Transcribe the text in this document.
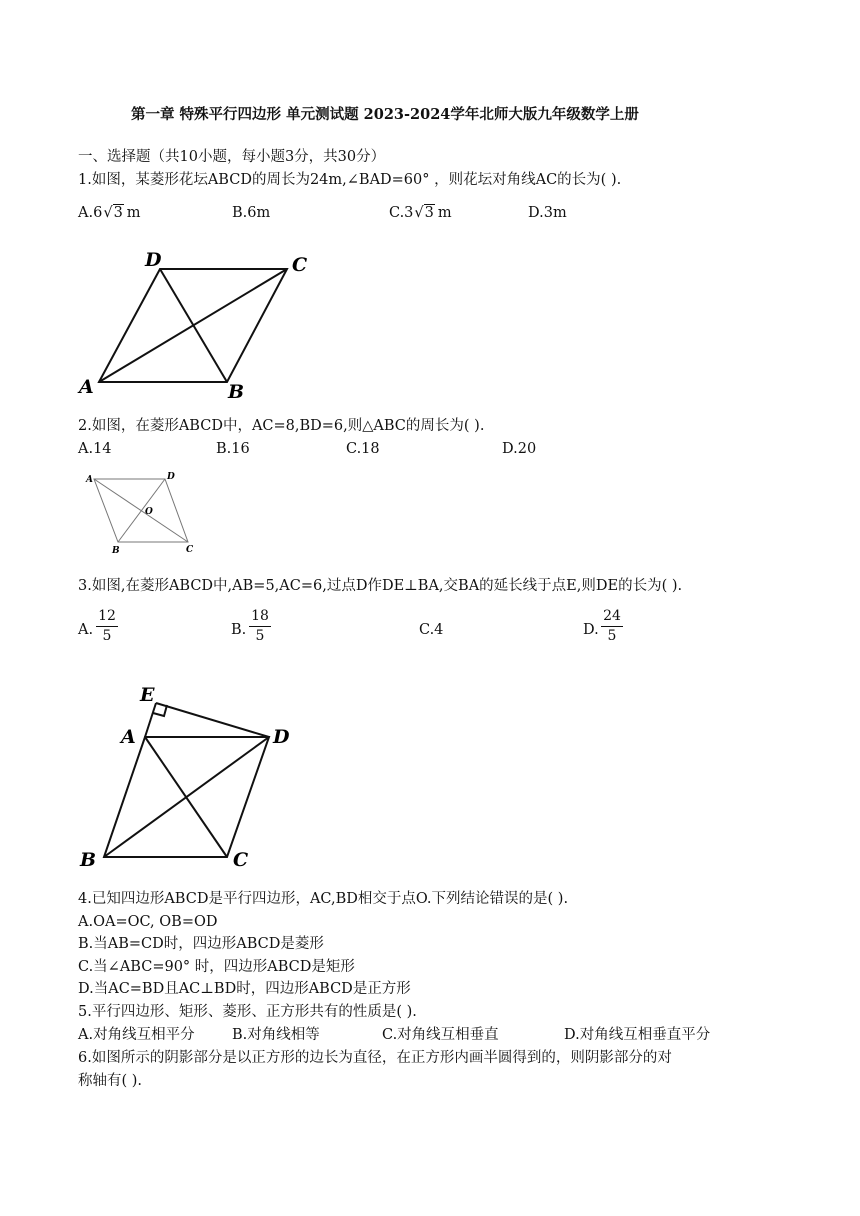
第一章 特殊平行四边形 单元测试题 2023-2024学年北师大版九年级数学上册
一、选择题（共10小题，每小题3分，共30分）
1.如图，某菱形花坛ABCD的周长为24m,∠BAD=60° ，则花坛对角线AC的长为( ).
A.6√3 m	B.6m	C.3√3 m	D.3m
A	B
C
D
2.如图，在菱形ABCD中，AC=8,BD=6,则△ABC的周长为( ).
A.14	B.16	C.18	D.20
A	D
O
B	C
3.如图,在菱形ABCD中,AB=5,AC=6,过点D作DE⊥BA,交BA的延长线于点E,则DE的长为( ).
A.
12
5	B.
18
5	C.4	D.
24
5
E
A	D
B	C
4.已知四边形ABCD是平行四边形，AC,BD相交于点O.下列结论错误的是( ).
A.OA=OC, OB=OD
B.当AB=CD时，四边形ABCD是菱形
C.当∠ABC=90° 时，四边形ABCD是矩形
D.当AC=BD且AC⊥BD时，四边形ABCD是正方形
5.平行四边形、矩形、菱形、正方形共有的性质是( ).
A.对角线互相平分	B.对角线相等	C.对角线互相垂直	D.对角线互相垂直平分
6.如图所示的阴影部分是以正方形的边长为直径，在正方形内画半圆得到的，则阴影部分的对
称轴有( ).
